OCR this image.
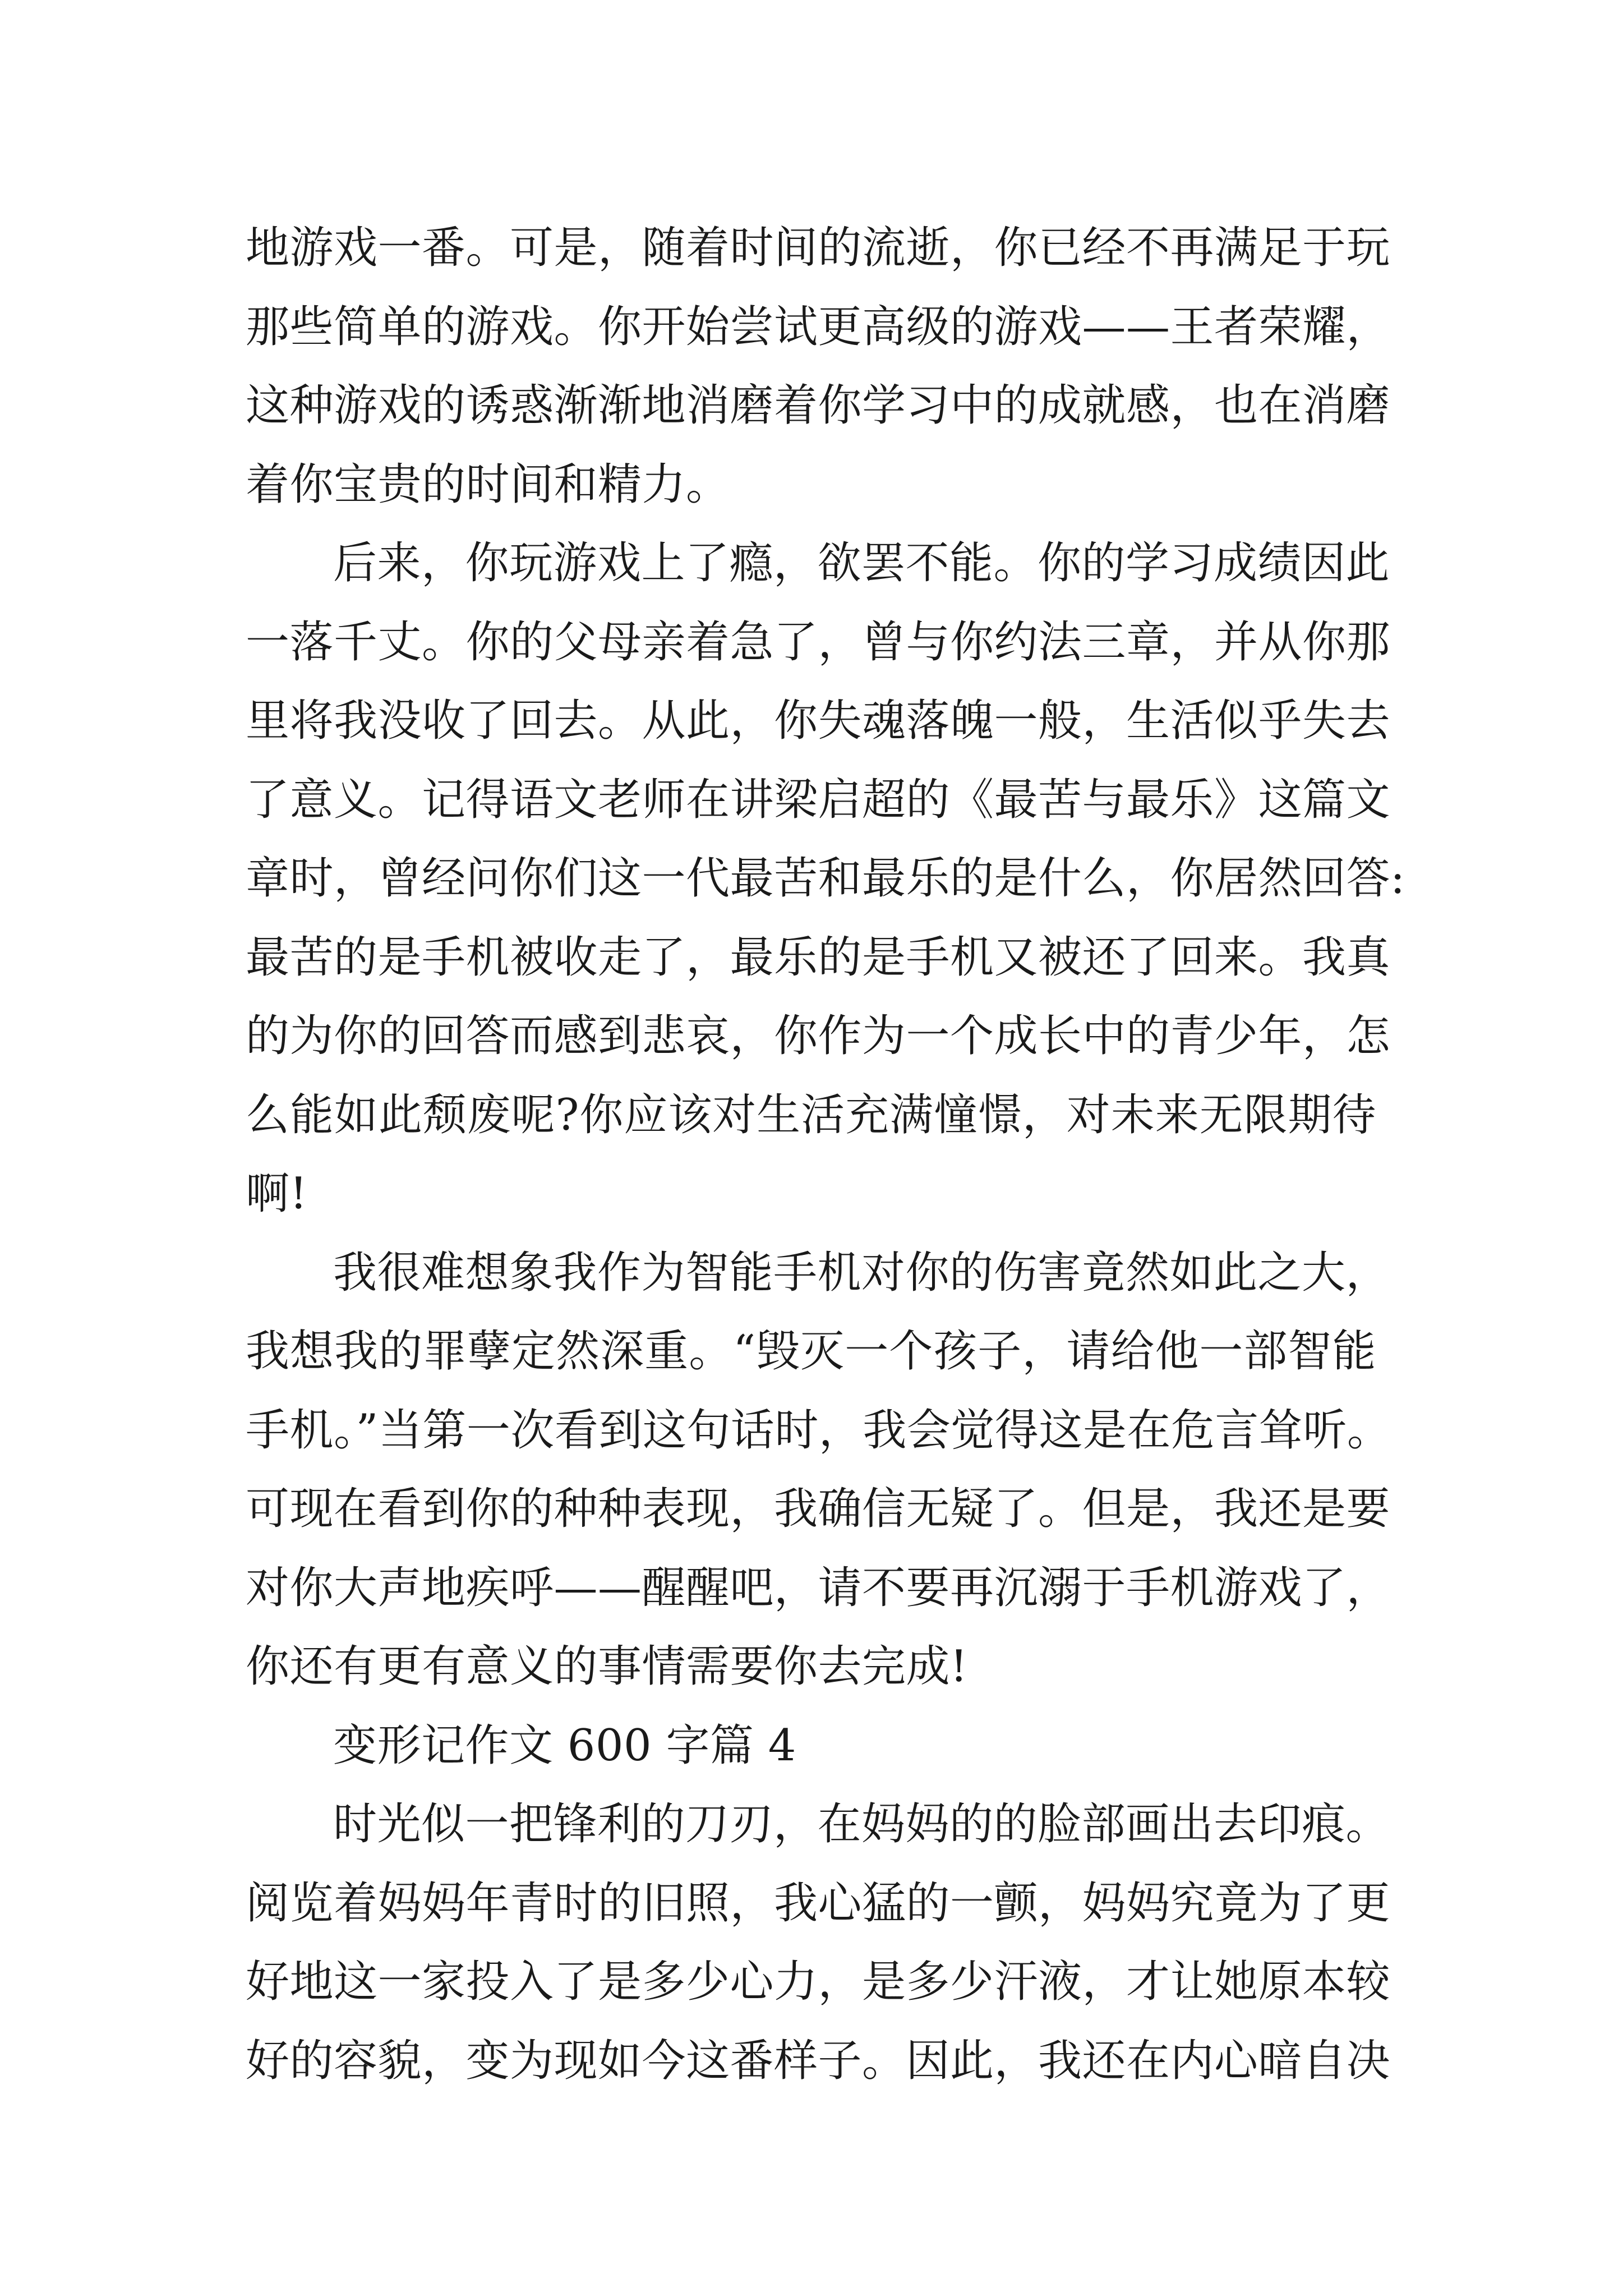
地游戏一番。可是，随着时间的流逝，你已经不再满足于玩
那些简单的游戏。你开始尝试更高级的游戏——王者荣耀，
这种游戏的诱惑渐渐地消磨着你学习中的成就感，也在消磨
着你宝贵的时间和精力。
后来，你玩游戏上了瘾，欲罢不能。你的学习成绩因此
一落千丈。你的父母亲着急了，曾与你约法三章，并从你那
里将我没收了回去。从此，你失魂落魄一般，生活似乎失去
了意义。记得语文老师在讲梁启超的《最苦与最乐》这篇文
章时，曾经问你们这一代最苦和最乐的是什么，你居然回答:
最苦的是手机被收走了，最乐的是手机又被还了回来。我真
的为你的回答而感到悲哀，你作为一个成长中的青少年，怎
么能如此颓废呢?你应该对生活充满憧憬，对未来无限期待
啊!
我很难想象我作为智能手机对你的伤害竟然如此之大，
我想我的罪孽定然深重。“毁灭一个孩子，请给他一部智能
手机。”当第一次看到这句话时，我会觉得这是在危言耸听。
可现在看到你的种种表现，我确信无疑了。但是，我还是要
对你大声地疾呼——醒醒吧，请不要再沉溺于手机游戏了，
你还有更有意义的事情需要你去完成!
变形记作文 600 字篇 4
时光似一把锋利的刀刃，在妈妈的的脸部画出去印痕。
阅览着妈妈年青时的旧照，我心猛的一颤，妈妈究竟为了更
好地这一家投入了是多少心力，是多少汗液，才让她原本较
好的容貌，变为现如今这番样子。因此，我还在内心暗自决
